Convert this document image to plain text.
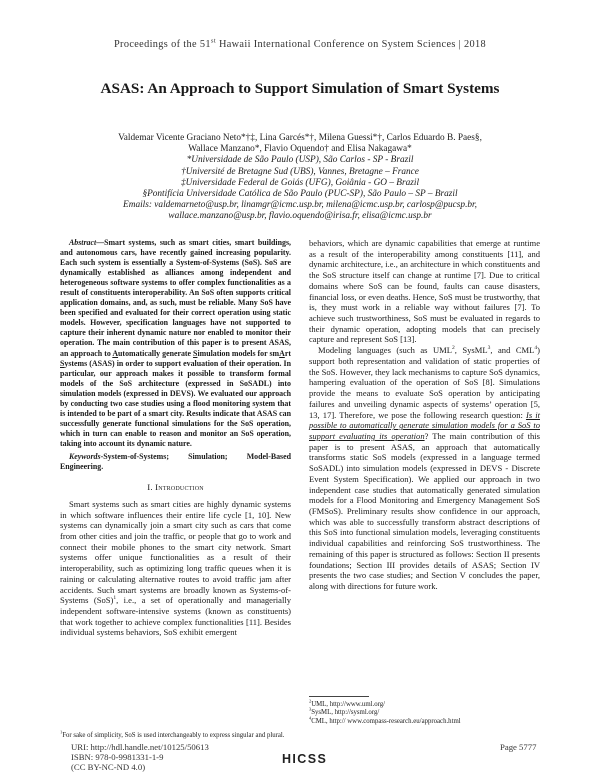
Proceedings of the 51st Hawaii International Conference on System Sciences | 2018
ASAS: An Approach to Support Simulation of Smart Systems
Valdemar Vicente Graciano Neto*†‡, Lina Garcés*†, Milena Guessi*†, Carlos Eduardo B. Paes§,
Wallace Manzano*, Flavio Oquendo† and Elisa Nakagawa*
*Universidade de São Paulo (USP), São Carlos - SP - Brazil
†Université de Bretagne Sud (UBS), Vannes, Bretagne – France
‡Universidade Federal de Goiás (UFG), Goiânia - GO – Brazil
§Pontifícia Universidade Católica de São Paulo (PUC-SP), São Paulo – SP – Brazil
Emails: valdemarneto@usp.br, linamgr@icmc.usp.br, milena@icmc.usp.br, carlosp@pucsp.br,
wallace.manzano@usp.br, flavio.oquendo@irisa.fr, elisa@icmc.usp.br

Abstract—Smart systems, such as smart cities, smart buildings, and autonomous cars, have recently gained increasing popularity. Each such system is essentially a System-of-Systems (SoS). SoS are dynamically established as alliances among independent and heterogeneous software systems to offer complex functionalities as a result of constituents interoperability. An SoS often supports critical application domains, and, as such, must be reliable. Many SoS have been specified and evaluated for their correct operation using static models. However, specification languages have not supported to capture their inherent dynamic nature nor enabled to monitor their operation. The main contribution of this paper is to present ASAS, an approach to Automatically generate Simulation models for smArt Systems (ASAS) in order to support evaluation of their operation. In particular, our approach makes it possible to transform formal models of the SoS architecture (expressed in SoSADL) into simulation models (expressed in DEVS). We evaluated our approach by conducting two case studies using a flood monitoring system that is intended to be part of a smart city. Results indicate that ASAS can successfully generate functional simulations for the SoS operation, which in turn can enable to reason and monitor an SoS operation, taking into account its dynamic nature.

Keywords-System-of-Systems; Simulation; Model-Based Engineering.

I. Introduction

Smart systems such as smart cities are highly dynamic systems in which software influences their entire life cycle [1, 10]. New systems can dynamically join a smart city such as cars that come from other cities and join the traffic, or people that go to work and connect their mobile phones to the smart city network. Smart systems offer unique functionalities as a result of their interoperability, such as optimizing long traffic queues when it is raining or calculating alternative routes to avoid traffic jam after accidents. Such smart systems are broadly known as Systems-of-Systems (SoS)$^1$, i.e., a set of operationally and managerially independent software-intensive systems (known as constituents) that work together to achieve complex functionalities [11]. Besides individual systems behaviors, SoS exhibit emergent

$^1$For sake of simplicity, SoS is used interchangeably to express singular and plural.

behaviors, which are dynamic capabilities that emerge at runtime as a result of the interoperability among constituents [11], and dynamic architecture, i.e., an architecture in which constituents and the SoS structure itself can change at runtime [7]. Due to critical domains where SoS can be found, faults can cause disasters, financial loss, or even deaths. Hence, SoS must be trustworthy, that is, they must work in a reliable way without failures [7]. To achieve such trustworthiness, SoS must be evaluated in regards to their dynamic operation, adopting models that can precisely capture and represent SoS [13].

Modeling languages (such as UML$^2$, SysML$^3$, and CML$^4$) support both representation and validation of static properties of the SoS. However, they lack mechanisms to capture SoS dynamics, hampering evaluation of the operation of SoS [8]. Simulations provide the means to evaluate SoS operation by anticipating failures and unveiling dynamic aspects of systems’ operation [5, 13, 17]. Therefore, we pose the following research question: Is it possible to automatically generate simulation models for a SoS to support evaluating its operation? The main contribution of this paper is to present ASAS, an approach that automatically transforms static SoS models (expressed in a language termed SoSADL) into simulation models (expressed in DEVS - Discrete Event System Specification). We applied our approach in two independent case studies that automatically generated simulation models for a Flood Monitoring and Emergency Management SoS (FMSoS). Preliminary results show confidence in our approach, which was able to successfully transform abstract descriptions of this SoS into functional simulation models, leveraging constituents individual capabilities and reinforcing SoS trustworthiness. The remaining of this paper is structured as follows: Section II presents foundations; Section III provides details of ASAS; Section IV presents the two case studies; and Section V concludes the paper, along with directions for future work.

$^2$UML, http://www.uml.org/

$^3$SysML, http://sysml.org/

$^4$CML, http:// www.compass-research.eu/approach.html

URI: http://hdl.handle.net/10125/50613
ISBN: 978-0-9981331-1-9
(CC BY-NC-ND 4.0)
Page 5777
HICSS
